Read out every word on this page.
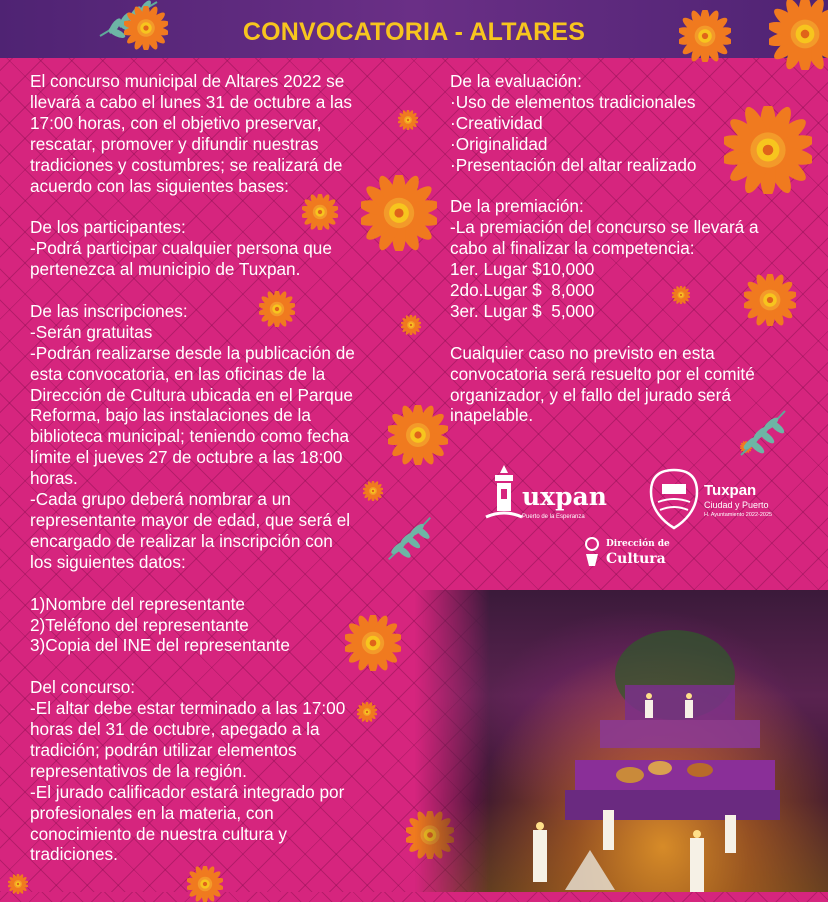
CONVOCATORIA - ALTARES
El concurso municipal de Altares 2022 se
llevará a cabo el lunes 31 de octubre a las
17:00 horas, con el objetivo preservar,
rescatar, promover y difundir nuestras
tradiciones y costumbres; se realizará de
acuerdo con las siguientes bases:
De los participantes:
-Podrá participar cualquier persona que
pertenezca al municipio de Tuxpan.
De las inscripciones:
-Serán gratuitas
-Podrán realizarse desde la publicación de
esta convocatoria, en las oficinas de la
Dirección de Cultura ubicada en el Parque
Reforma, bajo las instalaciones de la
biblioteca municipal; teniendo como fecha
límite el jueves 27 de octubre a las 18:00
horas.
-Cada grupo deberá nombrar a un
representante mayor de edad, que será el
encargado de realizar la inscripción con
los siguientes datos:
1)Nombre del representante
2)Teléfono del representante
3)Copia del INE del representante
Del concurso:
-El altar debe estar terminado a las 17:00
horas del 31 de octubre, apegado a la
tradición; podrán utilizar elementos
representativos de la región.
-El jurado calificador estará integrado por
profesionales en la materia, con
conocimiento de nuestra cultura y
tradiciones.
De la evaluación:
·Uso de elementos tradicionales
·Creatividad
·Originalidad
·Presentación del altar realizado
De la premiación:
-La premiación del concurso se llevará a
cabo al finalizar la competencia:
1er. Lugar $10,000
2do.Lugar $  8,000
3er. Lugar $  5,000
Cualquier caso no previsto en esta
convocatoria será resuelto por el comité
organizador, y el fallo del jurado será
inapelable.
uxpan
Puerto de la Esperanza
Tuxpan
Ciudad y Puerto
H. Ayuntamiento 2022-2025
Dirección de
Cultura
